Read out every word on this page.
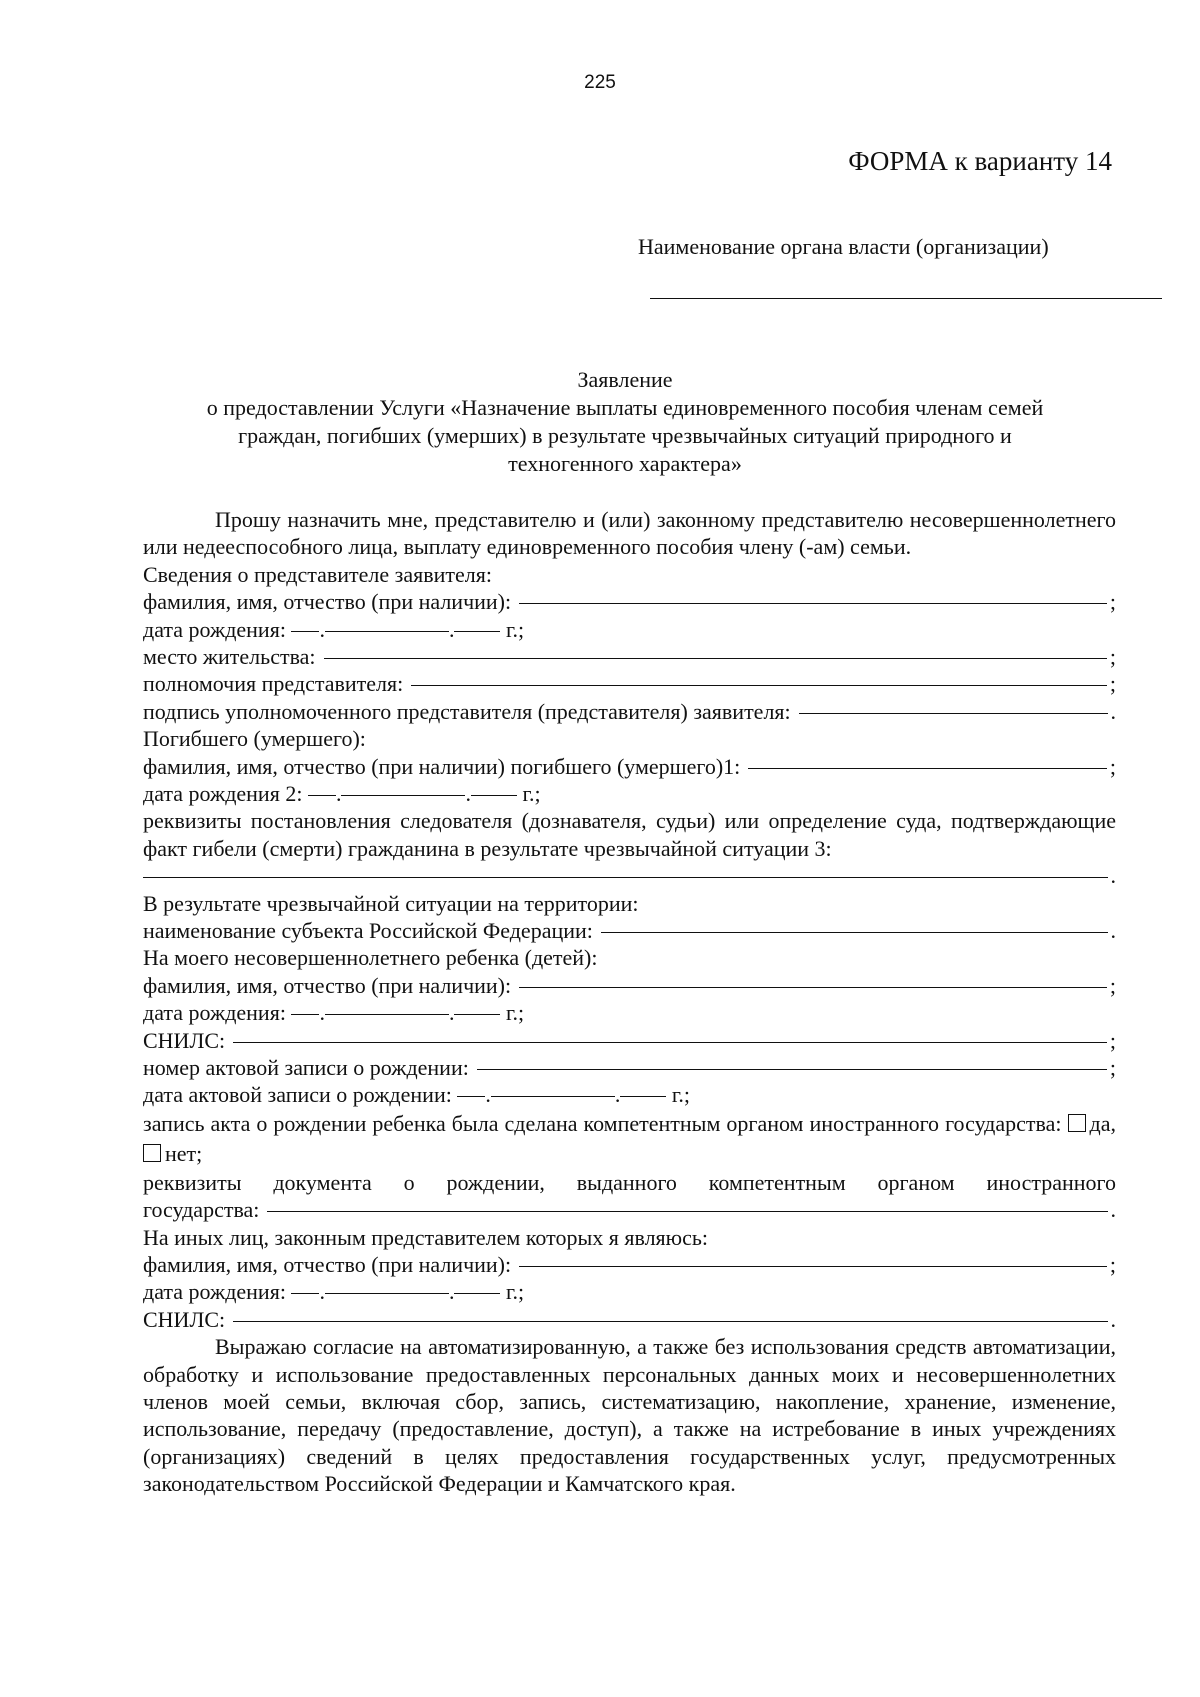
225
ФОРМА к варианту 14
Наименование органа власти (организации)
Заявление
о предоставлении Услуги «Назначение выплаты единовременного пособия членам семей
граждан, погибших (умерших) в результате чрезвычайных ситуаций природного и
техногенного характера»
Прошу назначить мне, представителю и (или) законному представителю несовершеннолетнего или недееспособного лица, выплату единовременного пособия члену (-ам) семьи.
Сведения о представителе заявителя:
фамилия, имя, отчество (при наличии):	;
дата рождения:
.	.
г.;
место жительства:	;
полномочия представителя:	;
подпись уполномоченного представителя (представителя) заявителя:	.
Погибшего (умершего):
фамилия, имя, отчество (при наличии) погибшего (умершего)1:	;
дата рождения 2:
.	.
г.;
реквизиты постановления следователя (дознавателя, судьи) или определение суда, подтверждающие факт гибели (смерти) гражданина в результате чрезвычайной ситуации 3:
.
В результате чрезвычайной ситуации на территории:
наименование субъекта Российской Федерации:	.
На моего несовершеннолетнего ребенка (детей):
фамилия, имя, отчество (при наличии):	;
дата рождения:
.	.
г.;
СНИЛС:	;
номер актовой записи о рождении:	;
дата актовой записи о рождении:
.	.
г.;
запись акта о рождении ребенка была сделана компетентным органом иностранного государства: да, нет;
реквизиты документа о рождении, выданного компетентным органом иностранного
государства:	.
На иных лиц, законным представителем которых я являюсь:
фамилия, имя, отчество (при наличии):	;
дата рождения:
.	.
г.;
СНИЛС:	.
Выражаю согласие на автоматизированную, а также без использования средств автоматизации, обработку и использование предоставленных персональных данных моих и несовершеннолетних членов моей семьи, включая сбор, запись, систематизацию, накопление, хранение, изменение, использование, передачу (предоставление, доступ), а также на истребование в иных учреждениях (организациях) сведений в целях предоставления государственных услуг, предусмотренных законодательством Российской Федерации и Камчатского края.
